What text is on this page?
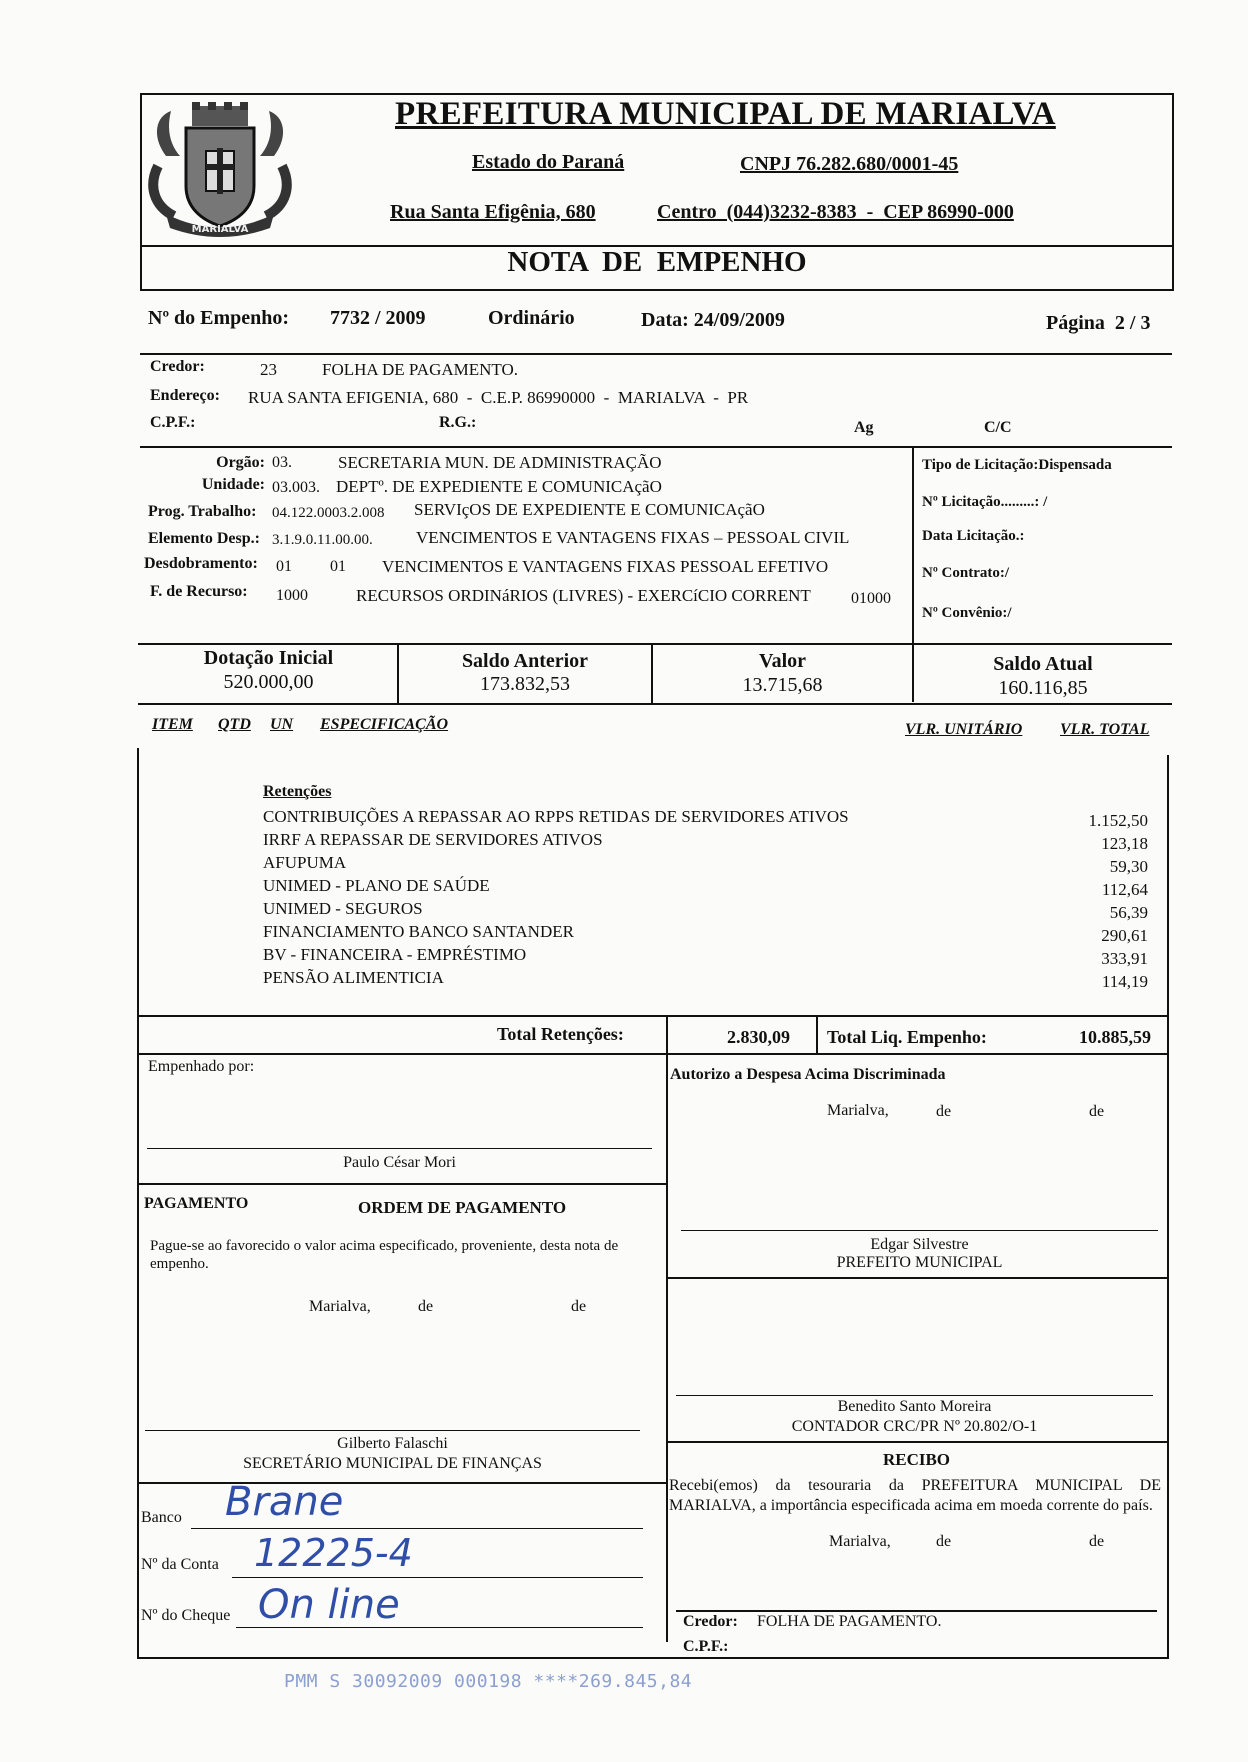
MARIALVA
PREFEITURA MUNICIPAL DE MARIALVA
Estado do Paraná	CNPJ 76.282.680/0001-45
Rua Santa Efigênia, 680	Centro  (044)3232-8383  -  CEP 86990-000
NOTA  DE  EMPENHO
Nº do Empenho: 7732 / 2009	Ordinário	Data: 24/09/2009	Página  2 / 3
Credor:	23	FOLHA DE PAGAMENTO.
Endereço: RUA SANTA EFIGENIA, 680  -  C.E.P. 86990000  -  MARIALVA  -  PR
C.P.F.:	R.G.:	Ag	C/C
Orgão: 03.	SECRETARIA MUN. DE ADMINISTRAÇÃO
Unidade: 03.003. DEPTº. DE EXPEDIENTE E COMUNICAçãO
Prog. Trabalho: 04.122.0003.2.008 SERVIçOS DE EXPEDIENTE E COMUNICAçãO
Elemento Desp.: 3.1.9.0.11.00.00.	VENCIMENTOS E VANTAGENS FIXAS – PESSOAL CIVIL
Desdobramento: 01 01 VENCIMENTOS E VANTAGENS FIXAS PESSOAL EFETIVO
F. de Recurso: 1000	RECURSOS ORDINáRIOS (LIVRES) - EXERCíCIO CORRENT	01000
Tipo de Licitação:Dispensada
Nº Licitação.........: /
Data Licitação.:
Nº Contrato:/
Nº Convênio:/
Dotação Inicial
520.000,00
Saldo Anterior
173.832,53
Valor
13.715,68
Saldo Atual
160.116,85
ITEM QTD UN ESPECIFICAÇÃO	VLR. UNITÁRIO VLR. TOTAL
Retenções
CONTRIBUIÇÕES A REPASSAR AO RPPS RETIDAS DE SERVIDORES ATIVOS	1.152,50
IRRF A REPASSAR DE SERVIDORES ATIVOS	123,18
AFUPUMA	59,30
UNIMED - PLANO DE SAÚDE	112,64
UNIMED - SEGUROS	56,39
FINANCIAMENTO BANCO SANTANDER	290,61
BV - FINANCEIRA - EMPRÉSTIMO	333,91
PENSÃO ALIMENTICIA	114,19
Total Retenções:	2.830,09 Total Liq. Empenho:	10.885,59
Empenhado por:
Paulo César Mori
PAGAMENTO	ORDEM DE PAGAMENTO
Pague-se ao favorecido o valor acima especificado, proveniente, desta nota de empenho.
Marialva,	de	de
Gilberto Falaschi
SECRETÁRIO MUNICIPAL DE FINANÇAS
Banco Brane
Nº da Conta 12225-4
Nº do Cheque On line
Autorizo a Despesa Acima Discriminada
Marialva,	de	de
Edgar Silvestre
PREFEITO MUNICIPAL
Benedito Santo Moreira
CONTADOR CRC/PR Nº 20.802/O-1
RECIBO
Recebi(emos) da tesouraria da PREFEITURA MUNICIPAL DE MARIALVA, a importância especificada acima em moeda corrente do país.
Marialva,	de	de
Credor: FOLHA DE PAGAMENTO.
C.P.F.:
PMM S 30092009 000198 ****269.845,84
